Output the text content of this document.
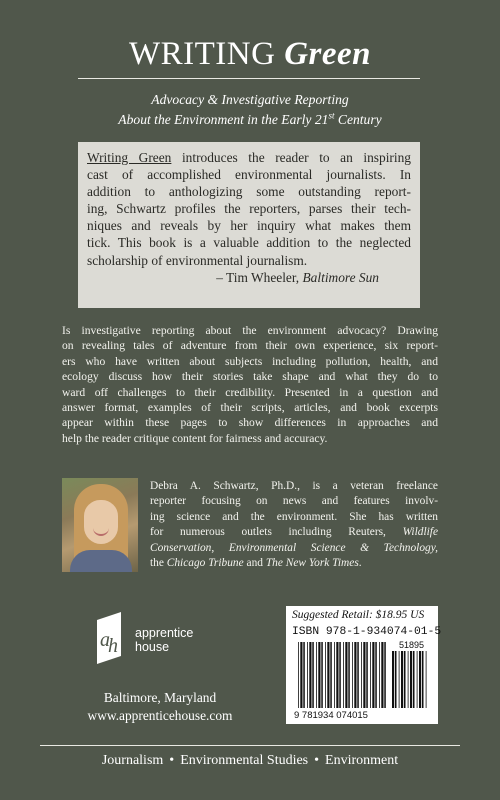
WRITING Green
Advocacy & Investigative Reporting
About the Environment in the Early 21st Century
Writing Green introduces the reader to an inspiring
cast of accomplished environmental journalists. In
addition to anthologizing some outstanding report-
ing, Schwartz profiles the reporters, parses their tech-
niques and reveals by her inquiry what makes them
tick. This book is a valuable addition to the neglected
scholarship of environmental journalism.
– Tim Wheeler, Baltimore Sun
Is investigative reporting about the environment advocacy? Drawing
on revealing tales of adventure from their own experience, six report-
ers who have written about subjects including pollution, health, and
ecology discuss how their stories take shape and what they do to
ward off challenges to their credibility. Presented in a question and
answer format, examples of their scripts, articles, and book excerpts
appear within these pages to show differences in approaches and
help the reader critique content for fairness and accuracy.
Debra A. Schwartz, Ph.D., is a veteran freelance
reporter focusing on news and features involv-
ing science and the environment. She has written
for numerous outlets including Reuters, Wildlife
Conservation, Environmental Science & Technology,
the Chicago Tribune and The New York Times.
a
h
apprentice
house
Baltimore, Maryland
www.apprenticehouse.com
Suggested Retail: $18.95 US
ISBN 978-1-934074-01-5
51895
9 781934 074015
Journalism • Environmental Studies • Environment
